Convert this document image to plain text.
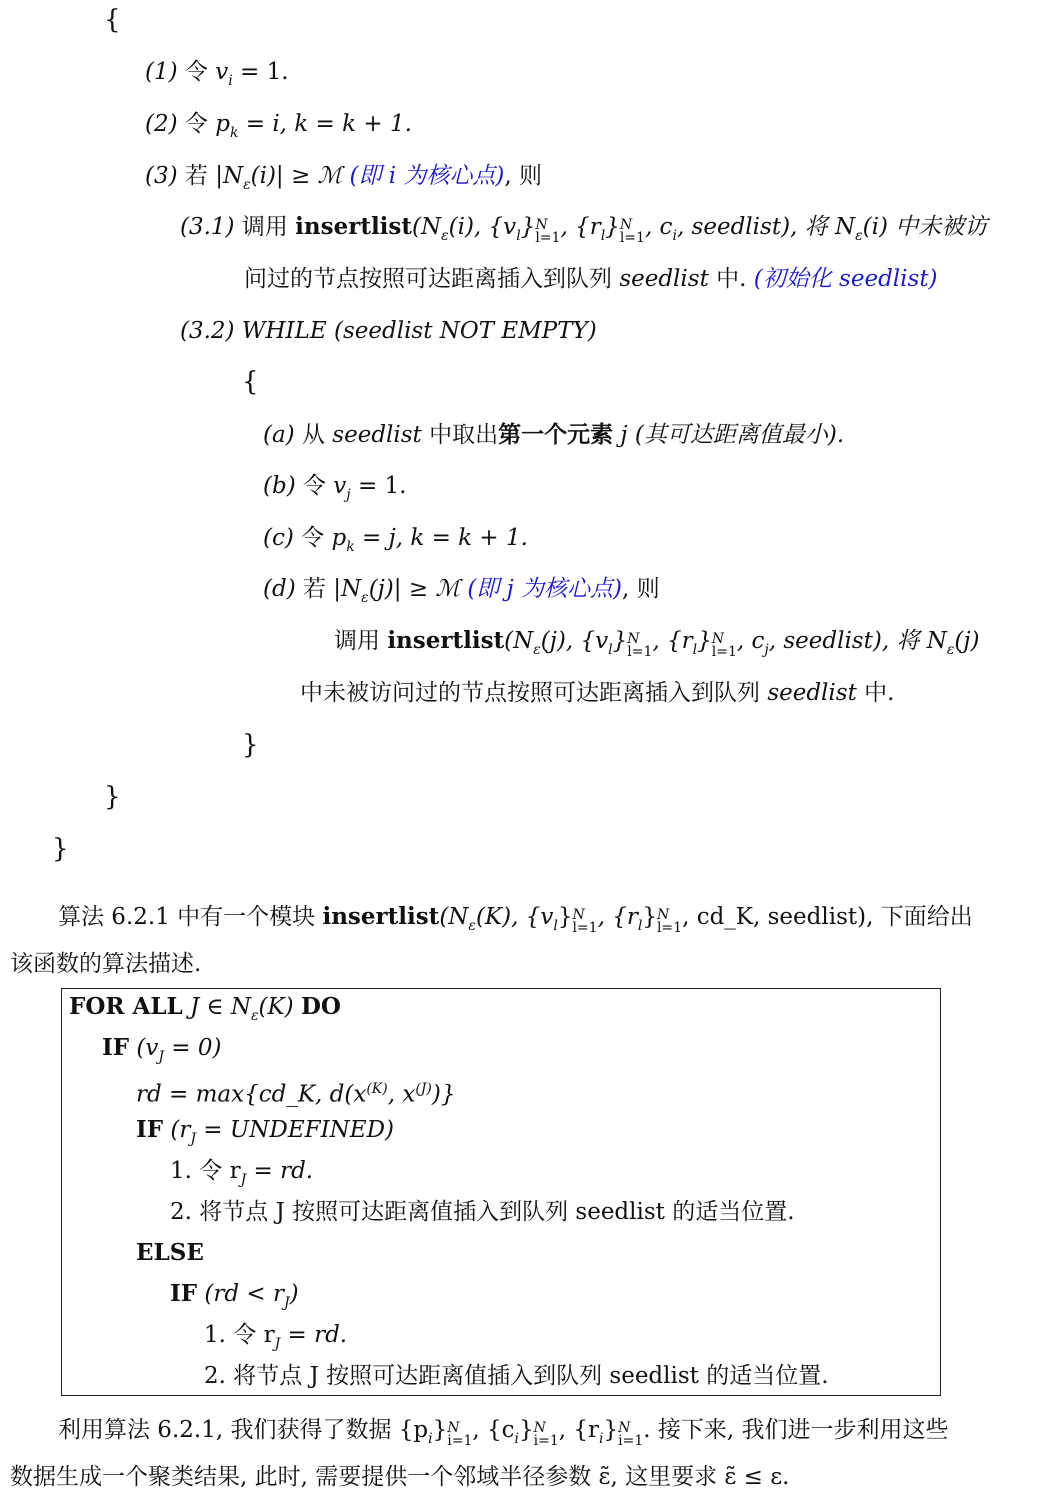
{
(1) 令 $v_i = 1$.
(2) 令 $p_k = i$, k = k + 1.
(3) 若 $|N_\varepsilon(i)|$ ≥ ℳ (即 i 为核心点), 则
(3.1) 调用 $insertlist(N_\varepsilon(i)$, $\{v_l\}$ N
l=1 , $\{r_l\}$ N
l=1 , $c_i$, seedlist), 将 $N_\varepsilon(i)$ 中未被访
问过的节点按照可达距离插入到队列 seedlist 中. (初始化 seedlist)
(3.2) WHILE (seedlist NOT EMPTY)
{
(a) 从 seedlist 中取出第一个元素 j (其可达距离值最小).
(b) 令 $v_j = 1$.
(c) 令 $p_k = j$, k = k + 1.
(d) 若 $|N_\varepsilon(j)|$ ≥ ℳ (即 j 为核心点), 则
调用 $insertlist(N_\varepsilon(j)$, $\{v_l\}$ N
l=1 , $\{r_l\}$ N
l=1 , $c_j$, seedlist), 将 $N_\varepsilon(j)$
中未被访问过的节点按照可达距离插入到队列 seedlist 中.
}
}
}
算法 6.2.1 中有一个模块 $insertlist(N_\varepsilon(K)$, $\{v_l\}$ N
l=1 , $\{r_l\}$ N
l=1 , cd_K, seedlist), 下面给出
该函数的算法描述.
FOR ALL J ∈ $N_\varepsilon(K)$ DO
IF $(v_J = 0)$
rd = max{cd_K, $d(x^{(K)}$, $x^{(J)}$)}
IF ($r_J$ = UNDEFINED)
1. 令 $r_J$ = rd.
2. 将节点 J 按照可达距离值插入到队列 seedlist 的适当位置.
ELSE
IF $(rd < r_J)$
1. 令 $r_J$ = rd.
2. 将节点 J 按照可达距离值插入到队列 seedlist 的适当位置.
利用算法 6.2.1, 我们获得了数据 $\{p_i\}$ N
i=1 , $\{c_i\}$ N
i=1 , $\{r_i\}$ N
i=1 . 接下来, 我们进一步利用这些
数据生成一个聚类结果, 此时, 需要提供一个邻域半径参数 ε̃, 这里要求 ε̃ ≤ ε.
